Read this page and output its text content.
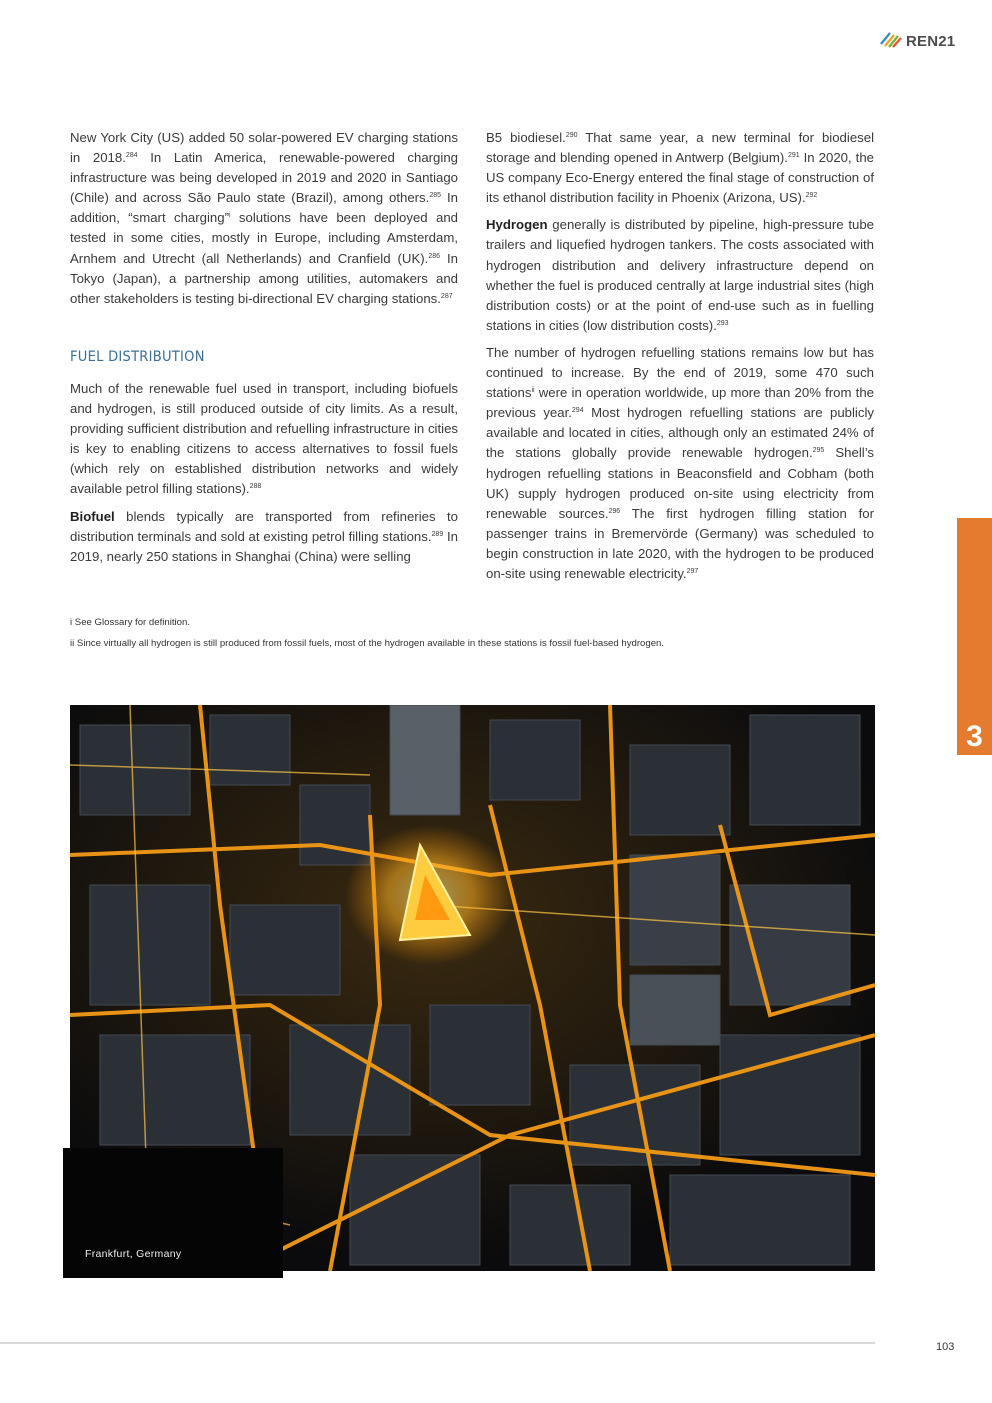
REN21

New York City (US) added 50 solar-powered EV charging stations in 2018.$^{284}$ In Latin America, renewable-powered charging infrastructure was being developed in 2019 and 2020 in Santiago (Chile) and across São Paulo state (Brazil), among others.$^{285}$ In addition, “smart charging”$^i$ solutions have been deployed and tested in some cities, mostly in Europe, including Amsterdam, Arnhem and Utrecht (all Netherlands) and Cranfield (UK).$^{286}$ In Tokyo (Japan), a partnership among utilities, automakers and other stakeholders is testing bi-directional EV charging stations.$^{287}$

FUEL DISTRIBUTION

Much of the renewable fuel used in transport, including biofuels and hydrogen, is still produced outside of city limits. As a result, providing sufficient distribution and refuelling infrastructure in cities is key to enabling citizens to access alternatives to fossil fuels (which rely on established distribution networks and widely available petrol filling stations).$^{288}$

Biofuel blends typically are transported from refineries to distribution terminals and sold at existing petrol filling stations.$^{289}$ In 2019, nearly 250 stations in Shanghai (China) were selling

B5 biodiesel.$^{290}$ That same year, a new terminal for biodiesel storage and blending opened in Antwerp (Belgium).$^{291}$ In 2020, the US company Eco-Energy entered the final stage of construction of its ethanol distribution facility in Phoenix (Arizona, US).$^{292}$

Hydrogen generally is distributed by pipeline, high-pressure tube trailers and liquefied hydrogen tankers. The costs associated with hydrogen distribution and delivery infrastructure depend on whether the fuel is produced centrally at large industrial sites (high distribution costs) or at the point of end-use such as in fuelling stations in cities (low distribution costs).$^{293}$

The number of hydrogen refuelling stations remains low but has continued to increase. By the end of 2019, some 470 such stations$^{ii}$ were in operation worldwide, up more than 20% from the previous year.$^{294}$ Most hydrogen refuelling stations are publicly available and located in cities, although only an estimated 24% of the stations globally provide renewable hydrogen.$^{295}$ Shell’s hydrogen refuelling stations in Beaconsfield and Cobham (both UK) supply hydrogen produced on-site using electricity from renewable sources.$^{296}$ The first hydrogen filling station for passenger trains in Bremervörde (Germany) was scheduled to begin construction in late 2020, with the hydrogen to be produced on-site using renewable electricity.$^{297}$

i See Glossary for definition.
ii Since virtually all hydrogen is still produced from fossil fuels, most of the hydrogen available in these stations is fossil fuel-based hydrogen.
Frankfurt, Germany
3
103
